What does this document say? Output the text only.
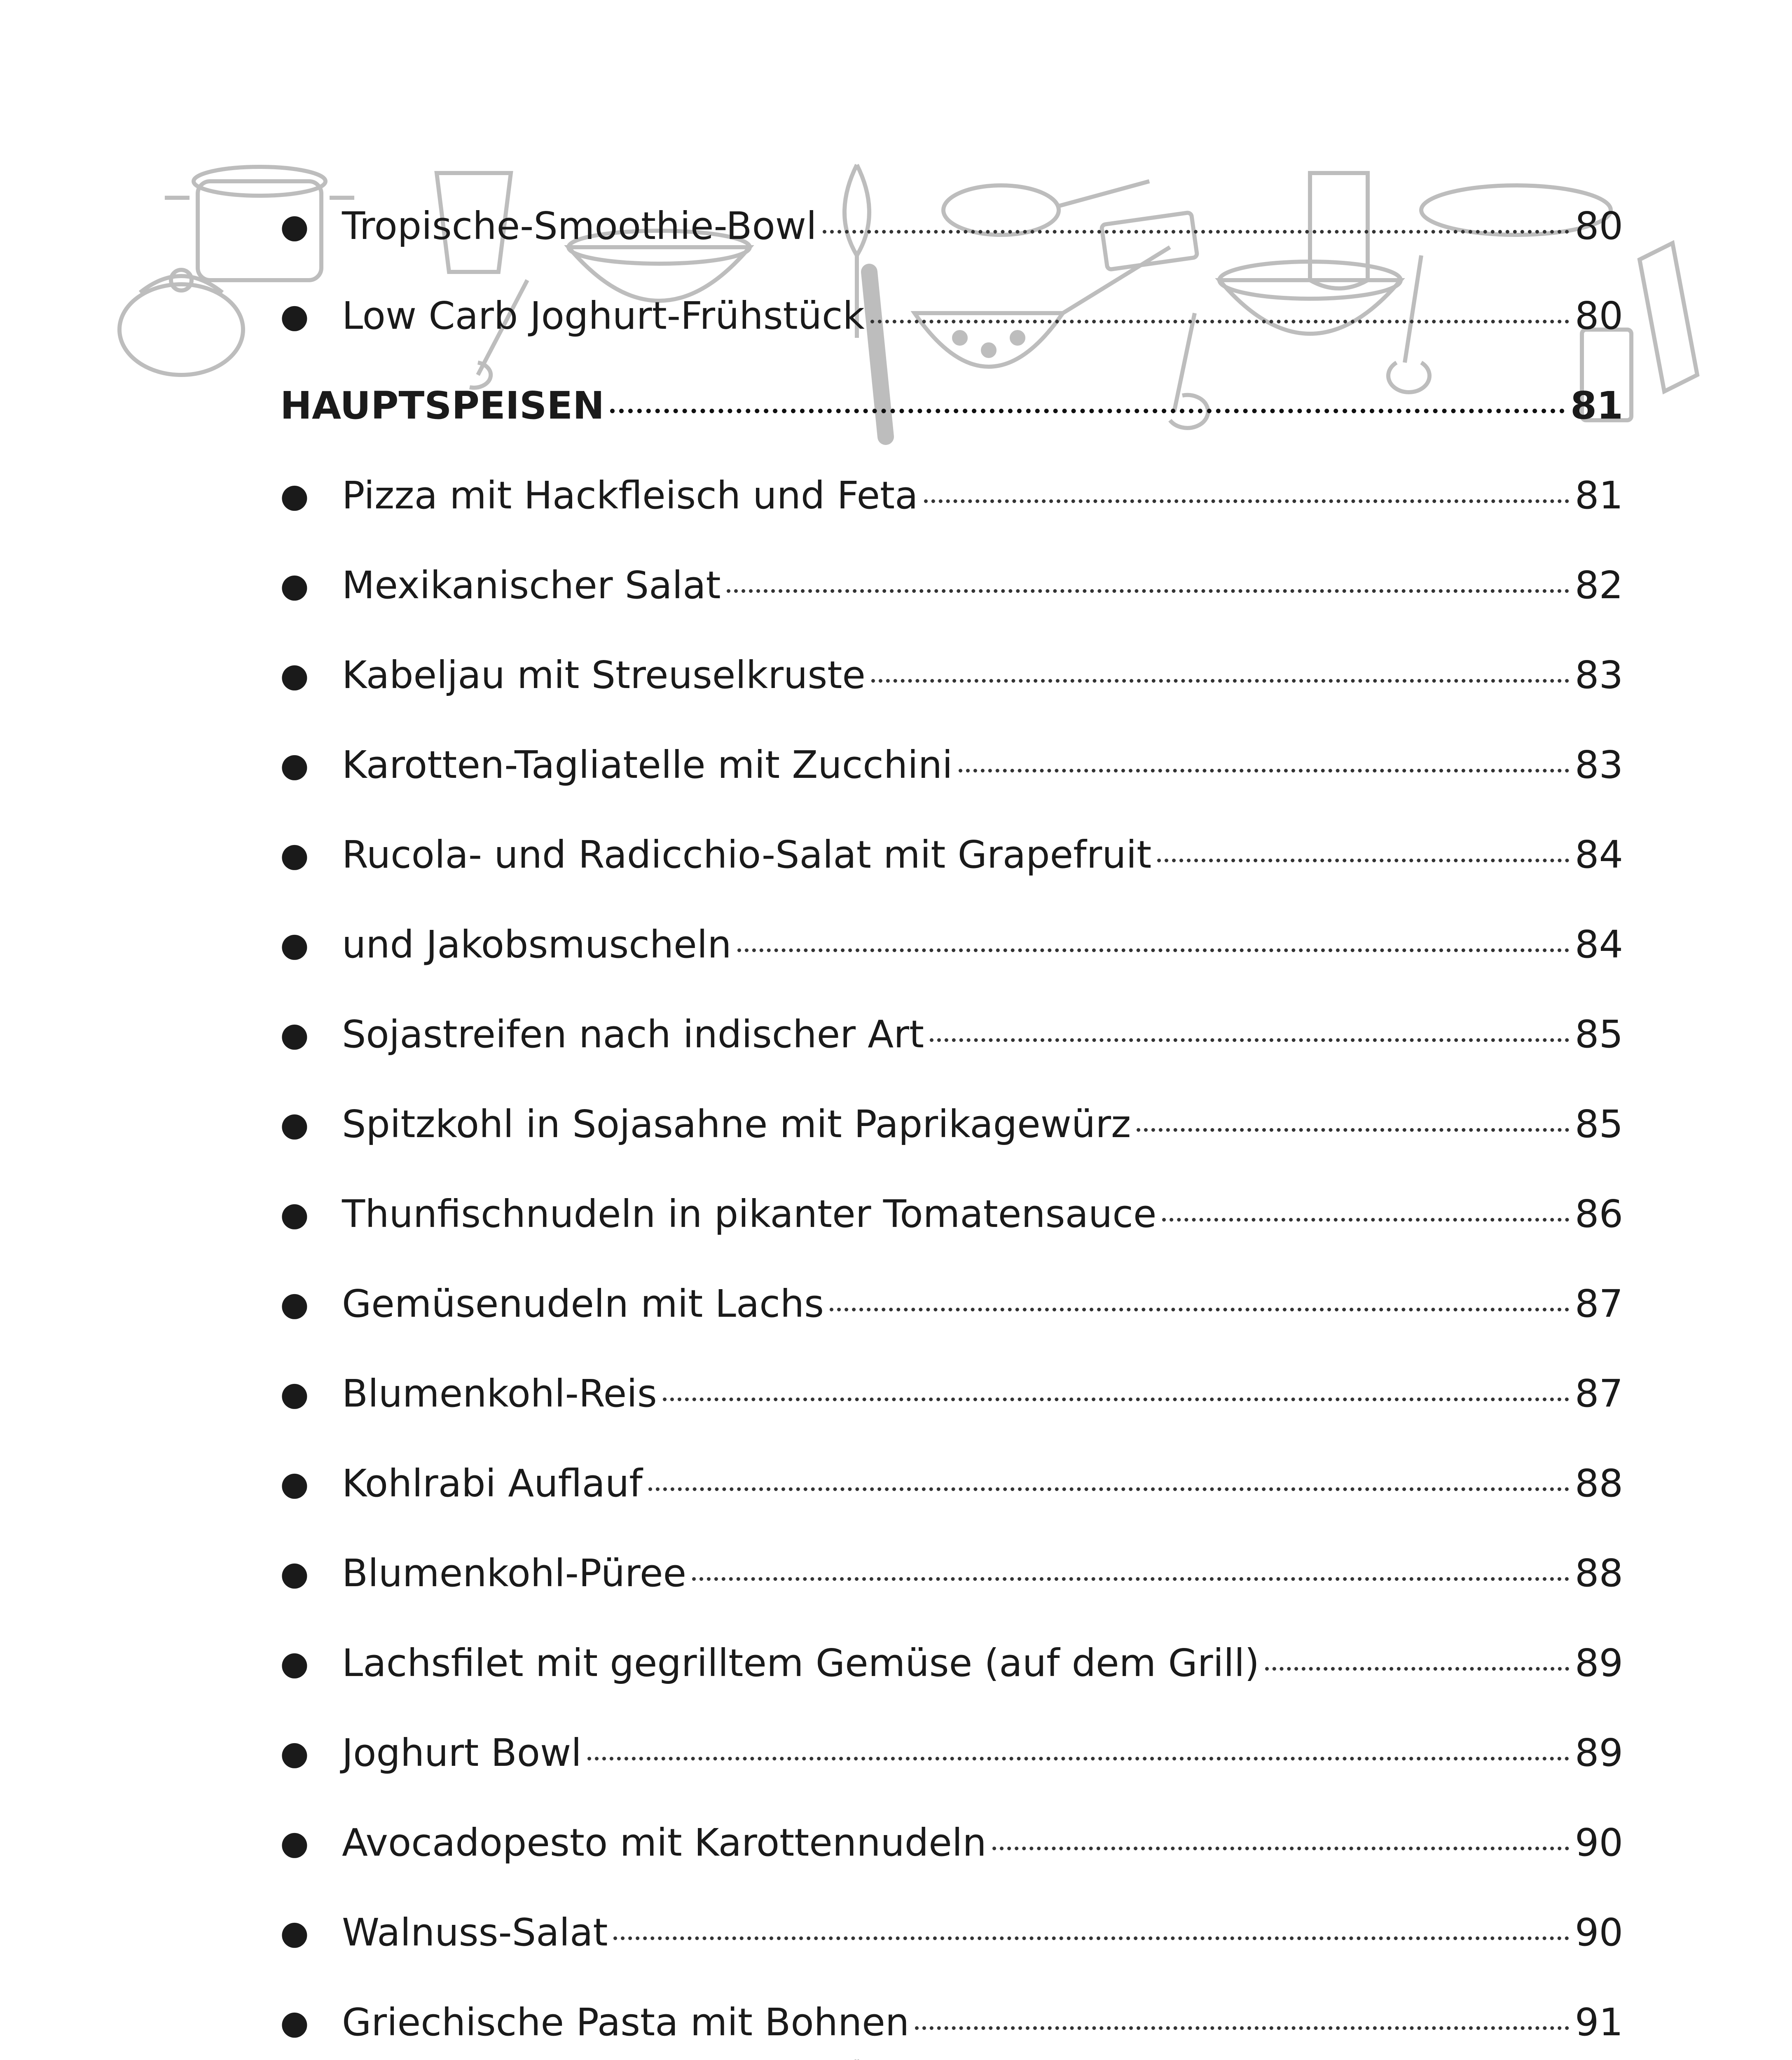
● Tropische-Smoothie-Bowl	80
● Low Carb Joghurt-Frühstück	80
HAUPTSPEISEN	81
● Pizza mit Hackfleisch und Feta	81
● Mexikanischer Salat	82
● Kabeljau mit Streuselkruste	83
● Karotten-Tagliatelle mit Zucchini	83
● Rucola- und Radicchio-Salat mit Grapefruit	84
● und Jakobsmuscheln	84
● Sojastreifen nach indischer Art	85
● Spitzkohl in Sojasahne mit Paprikagewürz	85
● Thunfischnudeln in pikanter Tomatensauce	86
● Gemüsenudeln mit Lachs	87
● Blumenkohl-Reis	87
● Kohlrabi Auflauf	88
● Blumenkohl-Püree	88
● Lachsfilet mit gegrilltem Gemüse (auf dem Grill)	89
● Joghurt Bowl	89
● Avocadopesto mit Karottennudeln	90
● Walnuss-Salat	90
● Griechische Pasta mit Bohnen	91
